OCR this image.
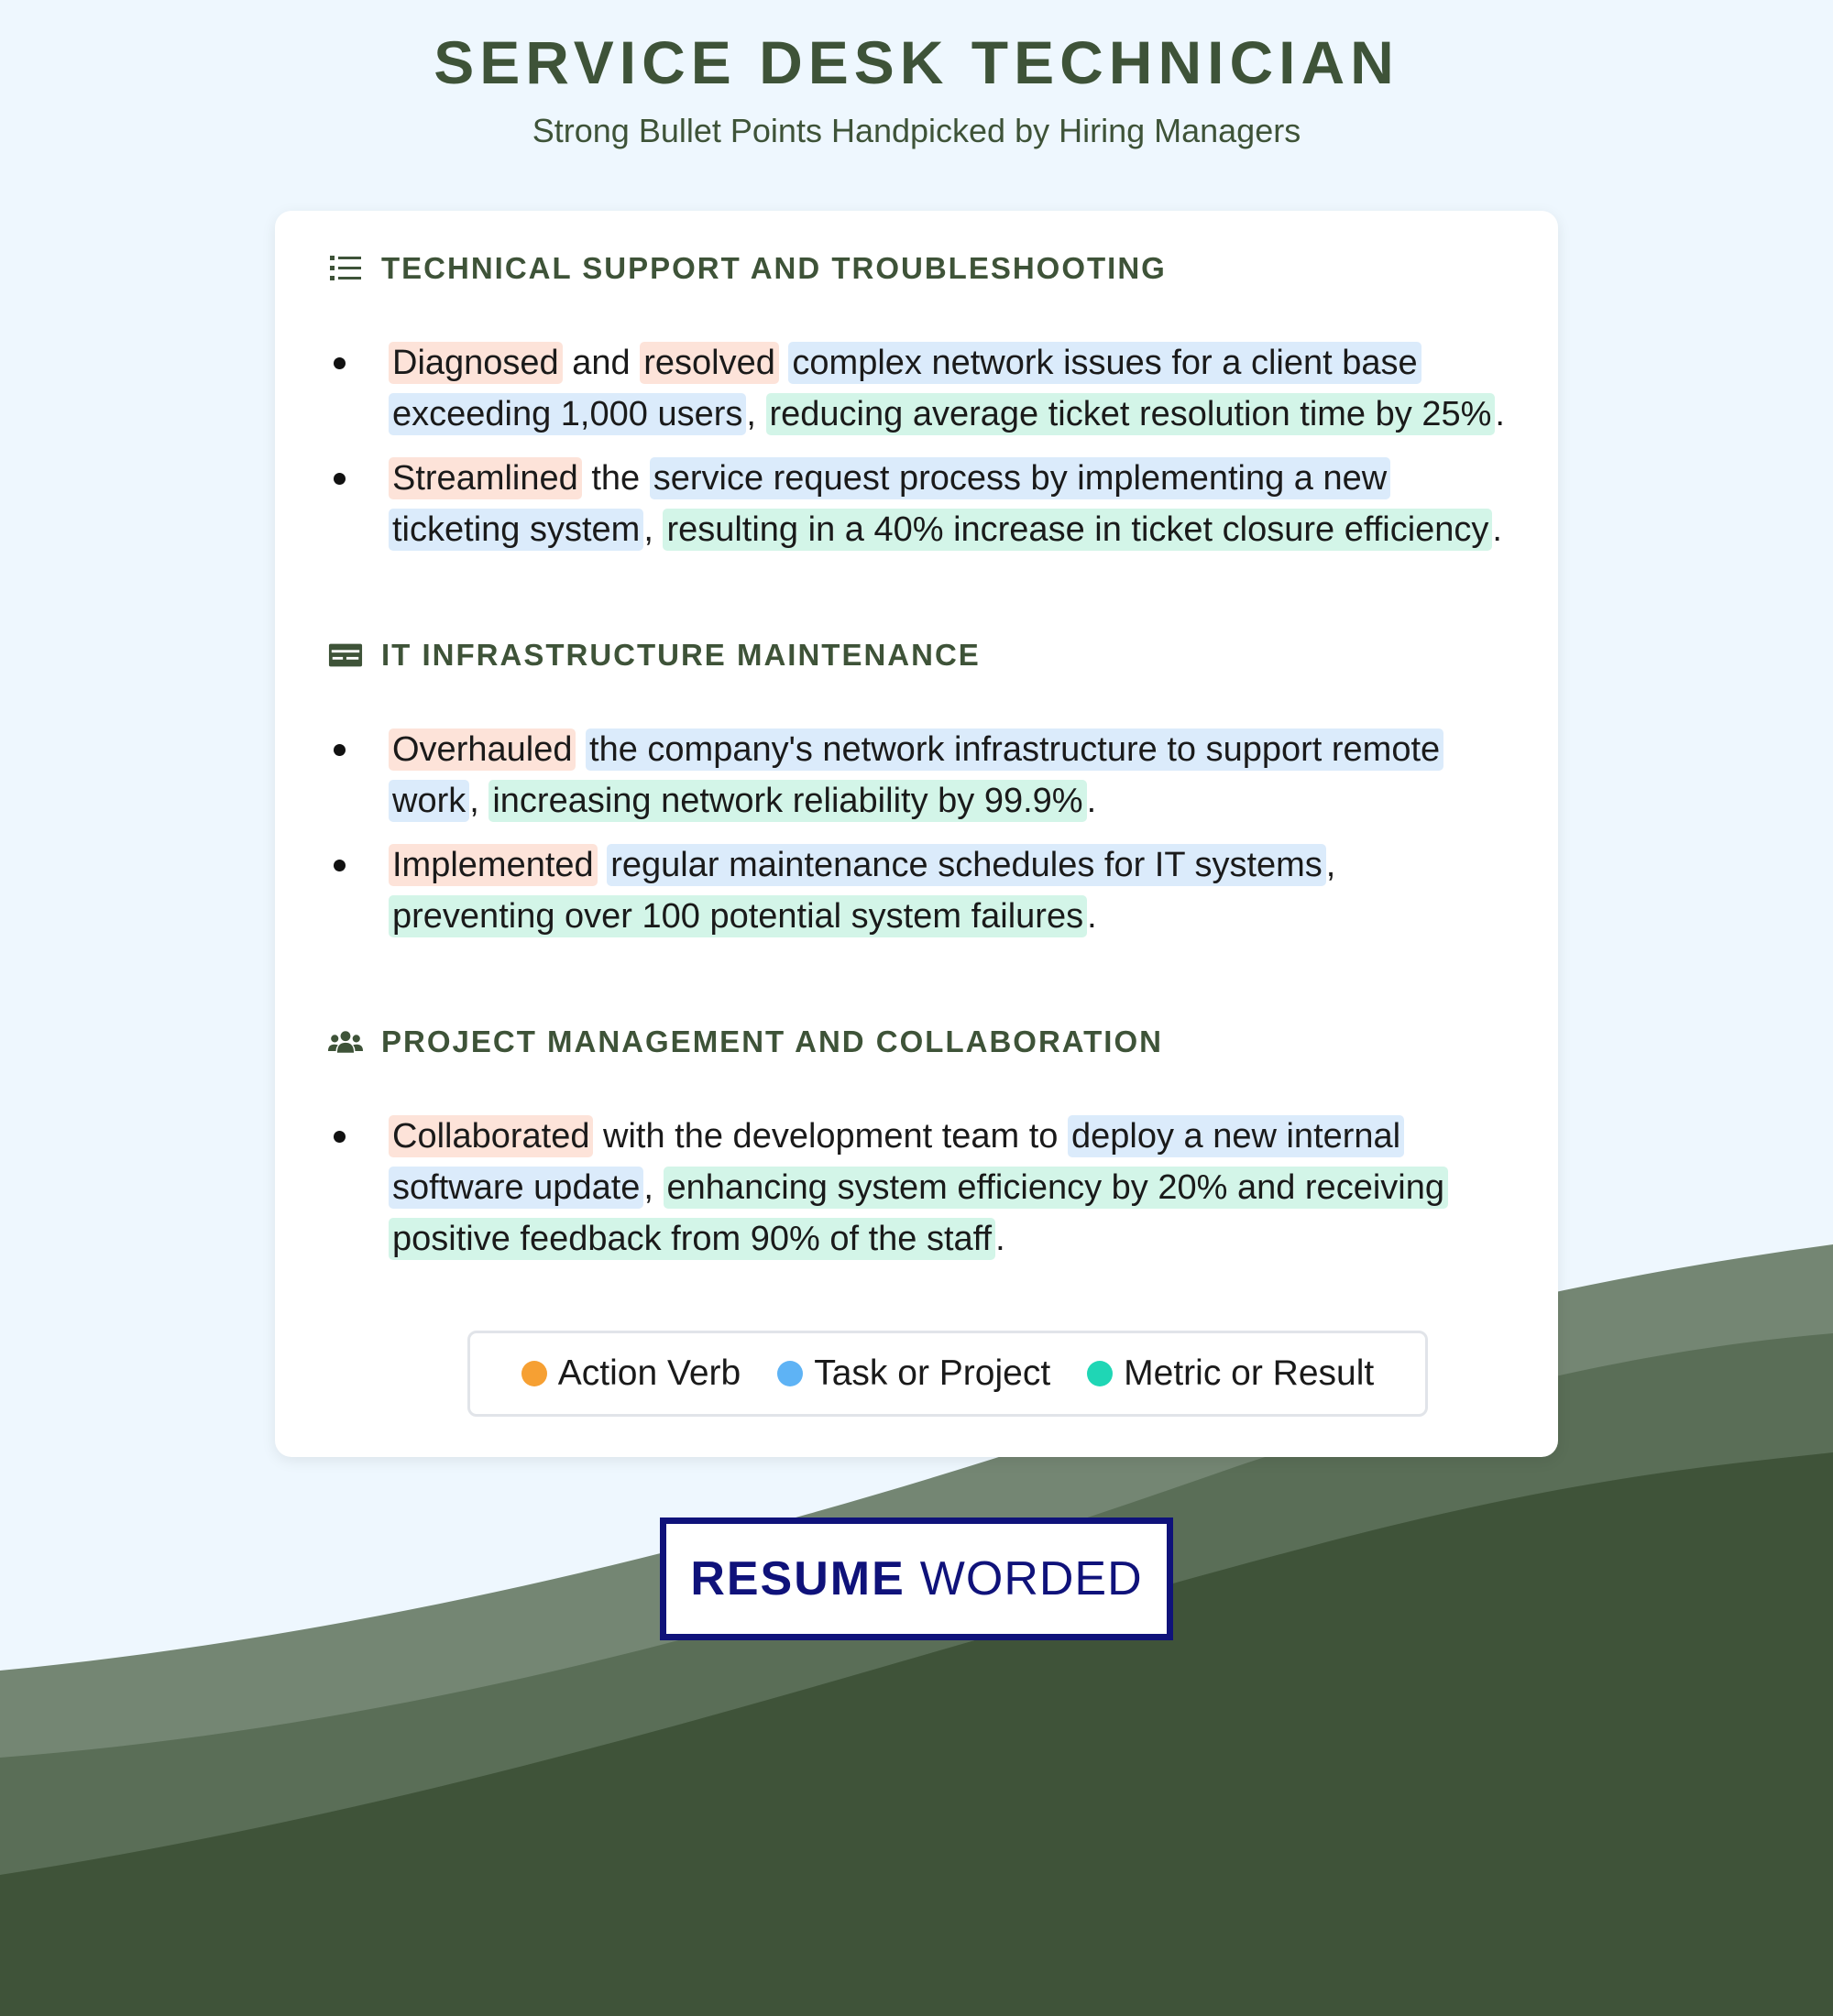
SERVICE DESK TECHNICIAN
Strong Bullet Points Handpicked by Hiring Managers
TECHNICAL SUPPORT AND TROUBLESHOOTING
Diagnosed and resolved complex network issues for a client base exceeding 1,000 users , reducing average ticket resolution time by 25% .
Streamlined the service request process by implementing a new ticketing system , resulting in a 40% increase in ticket closure efficiency .
IT INFRASTRUCTURE MAINTENANCE
Overhauled the company's network infrastructure to support remote work , increasing network reliability by 99.9% .
Implemented regular maintenance schedules for IT systems , preventing over 100 potential system failures .
PROJECT MANAGEMENT AND COLLABORATION
Collaborated with the development team to deploy a new internal software update , enhancing system efficiency by 20% and receiving positive feedback from 90% of the staff .
Action Verb Task or Project Metric or Result
RESUME WORDED
